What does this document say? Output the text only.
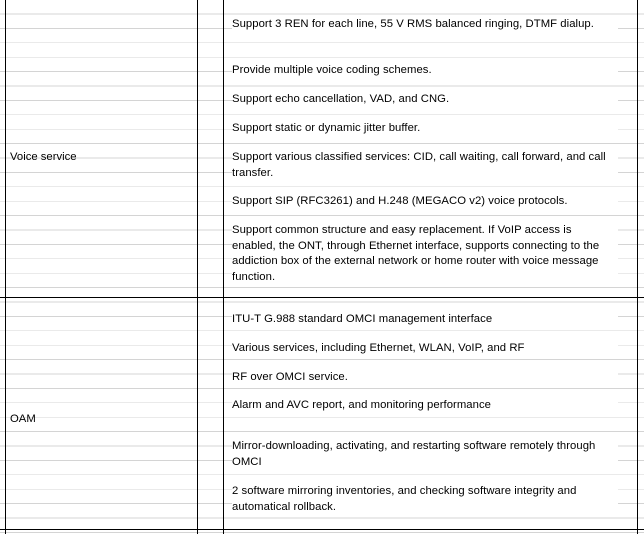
Voice service
Support 3 REN for each line, 55 V RMS balanced ringing, DTMF dialup.
Provide multiple voice coding schemes.
Support echo cancellation, VAD, and CNG.
Support static or dynamic jitter buffer.
Support various classified services: CID, call waiting, call forward, and call transfer.
Support SIP (RFC3261) and H.248 (MEGACO v2) voice protocols.
Support common structure and easy replacement. If VoIP access is enabled, the ONT, through Ethernet interface, supports connecting to the addiction box of the external network or home router with voice message function.
OAM
ITU-T G.988 standard OMCI management interface
Various services, including Ethernet, WLAN, VoIP, and RF
RF over OMCI service.
Alarm and AVC report, and monitoring performance
Mirror-downloading, activating, and restarting software remotely through OMCI
2 software mirroring inventories, and checking software integrity and automatical rollback.
